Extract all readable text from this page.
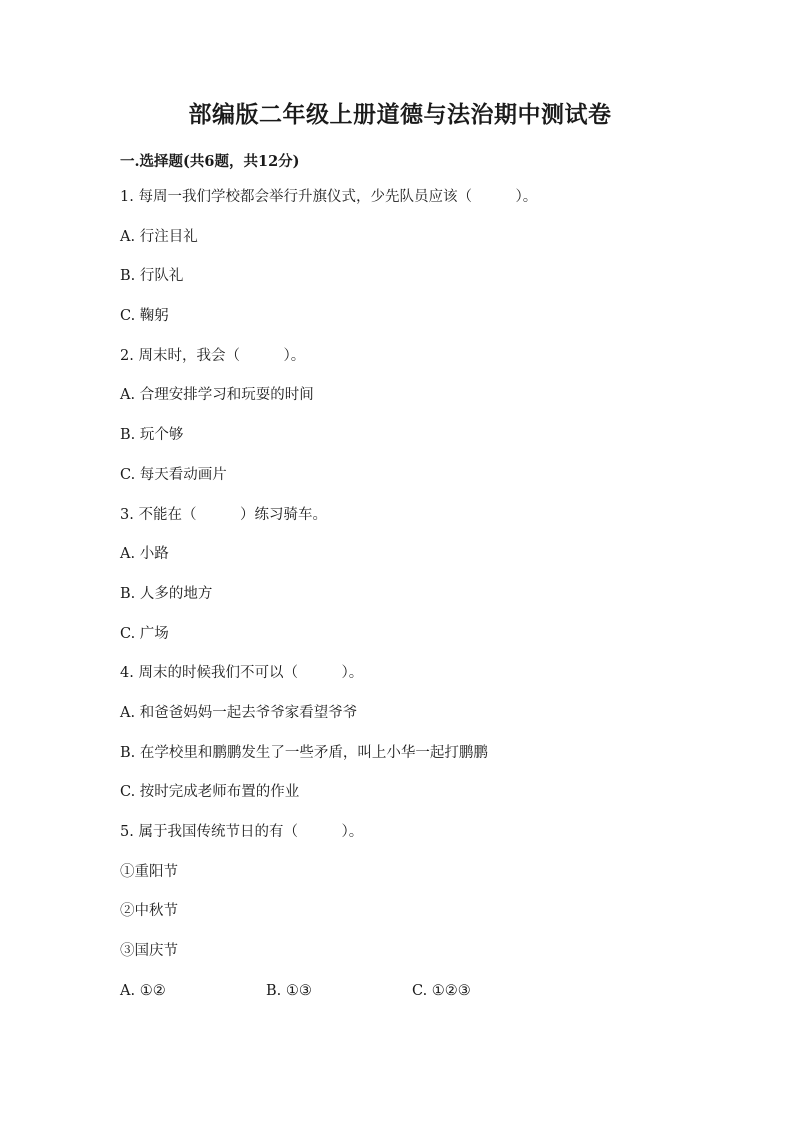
部编版二年级上册道德与法治期中测试卷
一.选择题(共6题，共12分)
1. 每周一我们学校都会举行升旗仪式，少先队员应该（　　　）。
A. 行注目礼
B. 行队礼
C. 鞠躬
2. 周末时，我会（　　　）。
A. 合理安排学习和玩耍的时间
B. 玩个够
C. 每天看动画片
3. 不能在（　　　）练习骑车。
A. 小路
B. 人多的地方
C. 广场
4. 周末的时候我们不可以（　　　）。
A. 和爸爸妈妈一起去爷爷家看望爷爷
B. 在学校里和鹏鹏发生了一些矛盾，叫上小华一起打鹏鹏
C. 按时完成老师布置的作业
5. 属于我国传统节日的有（　　　）。
①重阳节
②中秋节
③国庆节
A. ①②	B. ①③	C. ①②③
